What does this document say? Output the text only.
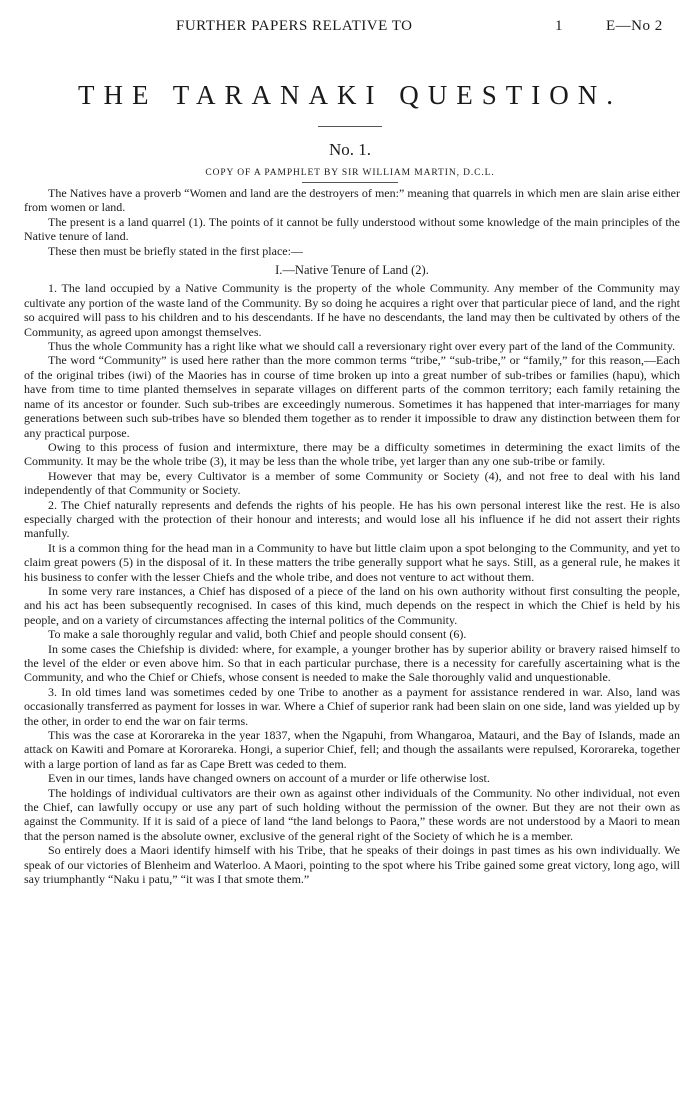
FURTHER PAPERS RELATIVE TO	1	E—No 2
THE TARANAKI QUESTION.
No. 1.
COPY OF A PAMPHLET BY SIR WILLIAM MARTIN, D.C.L.

The Natives have a proverb “Women and land are the destroyers of men:” meaning that quarrels in which men are slain arise either from women or land.

The present is a land quarrel (1). The points of it cannot be fully understood without some knowledge of the main principles of the Native tenure of land.

These then must be briefly stated in the first place:—

I.—Native Tenure of Land (2).

1. The land occupied by a Native Community is the property of the whole Community. Any member of the Community may cultivate any portion of the waste land of the Community. By so doing he acquires a right over that particular piece of land, and the right so acquired will pass to his children and to his descendants. If he have no descendants, the land may then be cultivated by others of the Community, as agreed upon amongst themselves.

Thus the whole Community has a right like what we should call a reversionary right over every part of the land of the Community.

The word “Community” is used here rather than the more common terms “tribe,” “sub-tribe,” or “family,” for this reason,—Each of the original tribes (iwi) of the Maories has in course of time broken up into a great number of sub-tribes or families (hapu), which have from time to time planted themselves in separate villages on different parts of the common territory; each family retaining the name of its ancestor or founder. Such sub-tribes are exceedingly numerous. Sometimes it has happened that inter-marriages for many generations between such sub-tribes have so blended them together as to render it impossible to draw any distinction between them for any practical purpose.

Owing to this process of fusion and intermixture, there may be a difficulty sometimes in determining the exact limits of the Community. It may be the whole tribe (3), it may be less than the whole tribe, yet larger than any one sub-tribe or family.

However that may be, every Cultivator is a member of some Community or Society (4), and not free to deal with his land independently of that Community or Society.

2. The Chief naturally represents and defends the rights of his people. He has his own personal interest like the rest. He is also especially charged with the protection of their honour and interests; and would lose all his influence if he did not assert their rights manfully.

It is a common thing for the head man in a Community to have but little claim upon a spot belonging to the Community, and yet to claim great powers (5) in the disposal of it. In these matters the tribe generally support what he says. Still, as a general rule, he makes it his business to confer with the lesser Chiefs and the whole tribe, and does not venture to act without them.

In some very rare instances, a Chief has disposed of a piece of the land on his own authority without first consulting the people, and his act has been subsequently recognised. In cases of this kind, much depends on the respect in which the Chief is held by his people, and on a variety of circumstances affecting the internal politics of the Community.

To make a sale thoroughly regular and valid, both Chief and people should consent (6).

In some cases the Chiefship is divided: where, for example, a younger brother has by superior ability or bravery raised himself to the level of the elder or even above him. So that in each particular purchase, there is a necessity for carefully ascertaining what is the Community, and who the Chief or Chiefs, whose consent is needed to make the Sale thoroughly valid and unquestionable.

3. In old times land was sometimes ceded by one Tribe to another as a payment for assistance rendered in war. Also, land was occasionally transferred as payment for losses in war. Where a Chief of superior rank had been slain on one side, land was yielded up by the other, in order to end the war on fair terms.

This was the case at Kororareka in the year 1837, when the Ngapuhi, from Whangaroa, Matauri, and the Bay of Islands, made an attack on Kawiti and Pomare at Kororareka. Hongi, a superior Chief, fell; and though the assailants were repulsed, Kororareka, together with a large portion of land as far as Cape Brett was ceded to them.

Even in our times, lands have changed owners on account of a murder or life otherwise lost.

The holdings of individual cultivators are their own as against other individuals of the Community. No other individual, not even the Chief, can lawfully occupy or use any part of such holding without the permission of the owner. But they are not their own as against the Community. If it is said of a piece of land “the land belongs to Paora,” these words are not understood by a Maori to mean that the person named is the absolute owner, exclusive of the general right of the Society of which he is a member.

So entirely does a Maori identify himself with his Tribe, that he speaks of their doings in past times as his own individually. We speak of our victories of Blenheim and Waterloo. A Maori, pointing to the spot where his Tribe gained some great victory, long ago, will say triumphantly “Naku i patu,” “it was I that smote them.”
